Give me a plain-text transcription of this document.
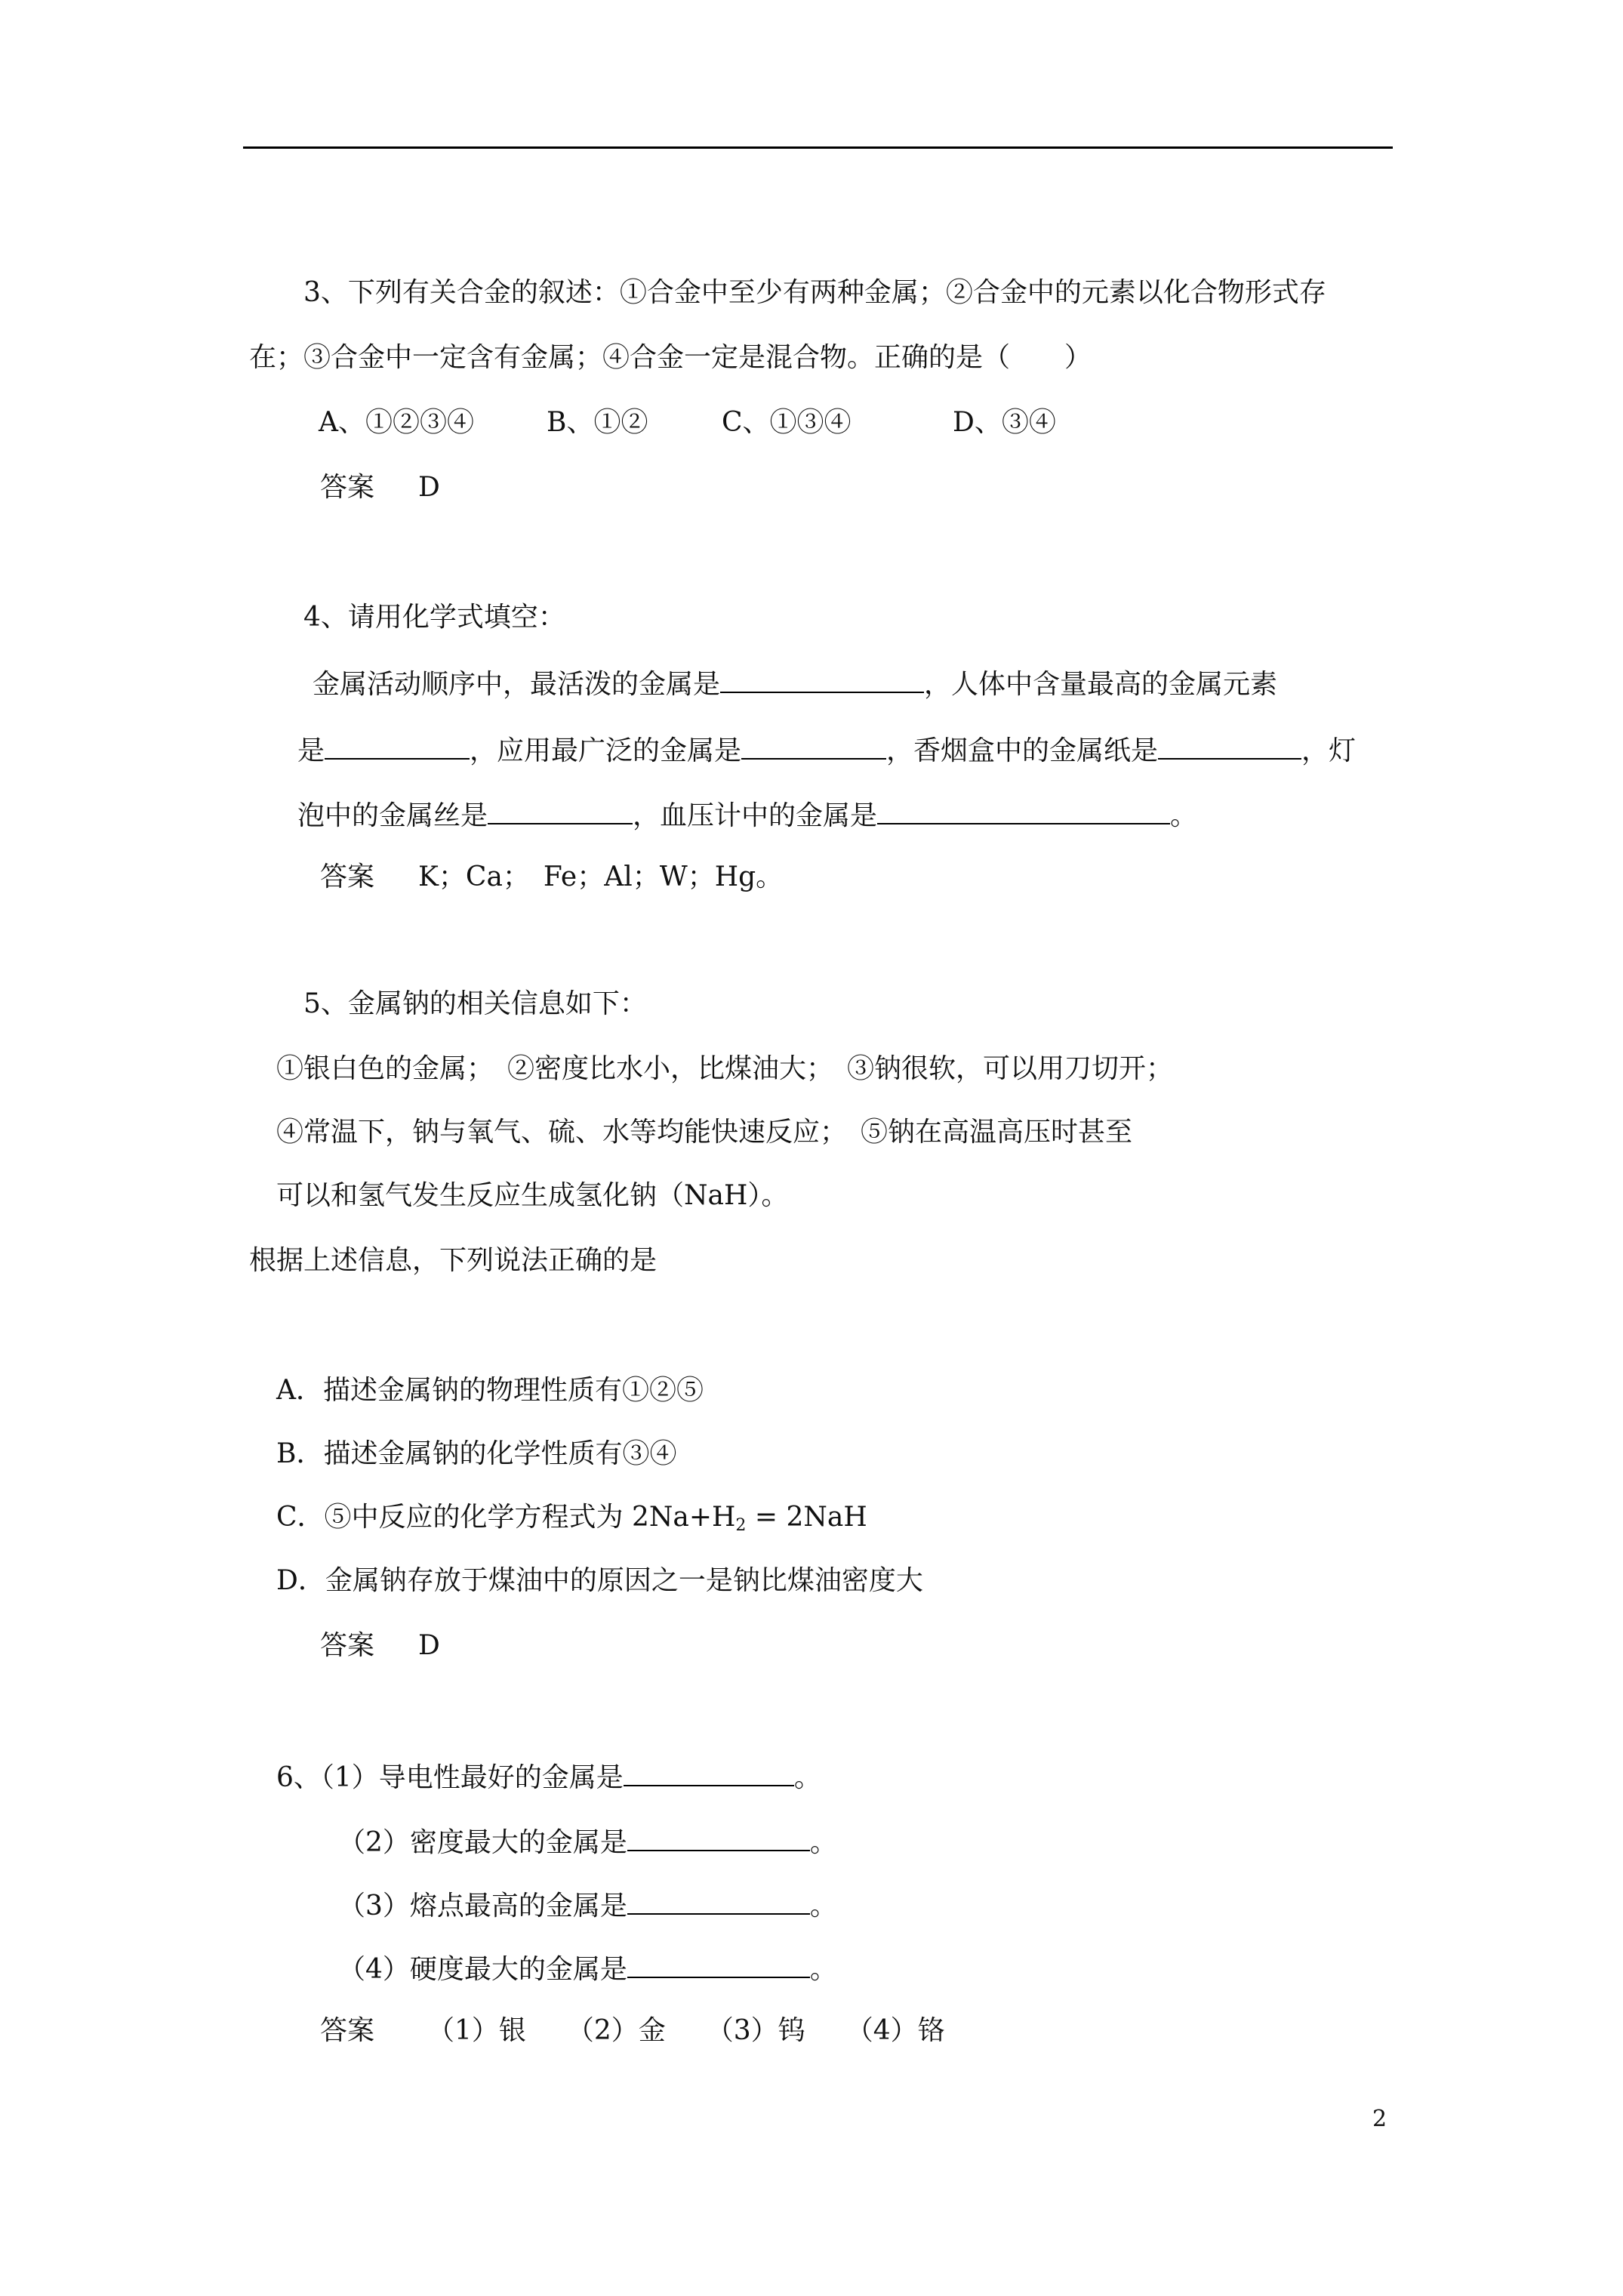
3、下列有关合金的叙述：①合金中至少有两种金属；②合金中的元素以化合物形式存
在；③合金中一定含有金属；④合金一定是混合物。正确的是（　　）
A、①②③④	B、①②	C、①③④	D、③④
答案 D
4、请用化学式填空：
金属活动顺序中，最活泼的金属是	，人体中含量最高的金属元素
是	，应用最广泛的金属是	，香烟盒中的金属纸是	，灯
泡中的金属丝是	，血压计中的金属是	。
答案 K；Ca；　Fe；Al；W；Hg。
5、金属钠的相关信息如下：
①银白色的金属；　②密度比水小，比煤油大；　③钠很软，可以用刀切开；
④常温下，钠与氧气、硫、水等均能快速反应；　⑤钠在高温高压时甚至
可以和氢气发生反应生成氢化钠（NaH）。
根据上述信息，下列说法正确的是
A．描述金属钠的物理性质有①②⑤
B．描述金属钠的化学性质有③④
C．⑤中反应的化学方程式为 $2Na+H_2 = 2NaH$
D．金属钠存放于煤油中的原因之一是钠比煤油密度大
答案 D
6、（1）导电性最好的金属是	。
（2）密度最大的金属是	。
（3）熔点最高的金属是	。
（4）硬度最大的金属是	。
答案 （1）银　　（2）金　　（3）钨　　（4）铬
2
